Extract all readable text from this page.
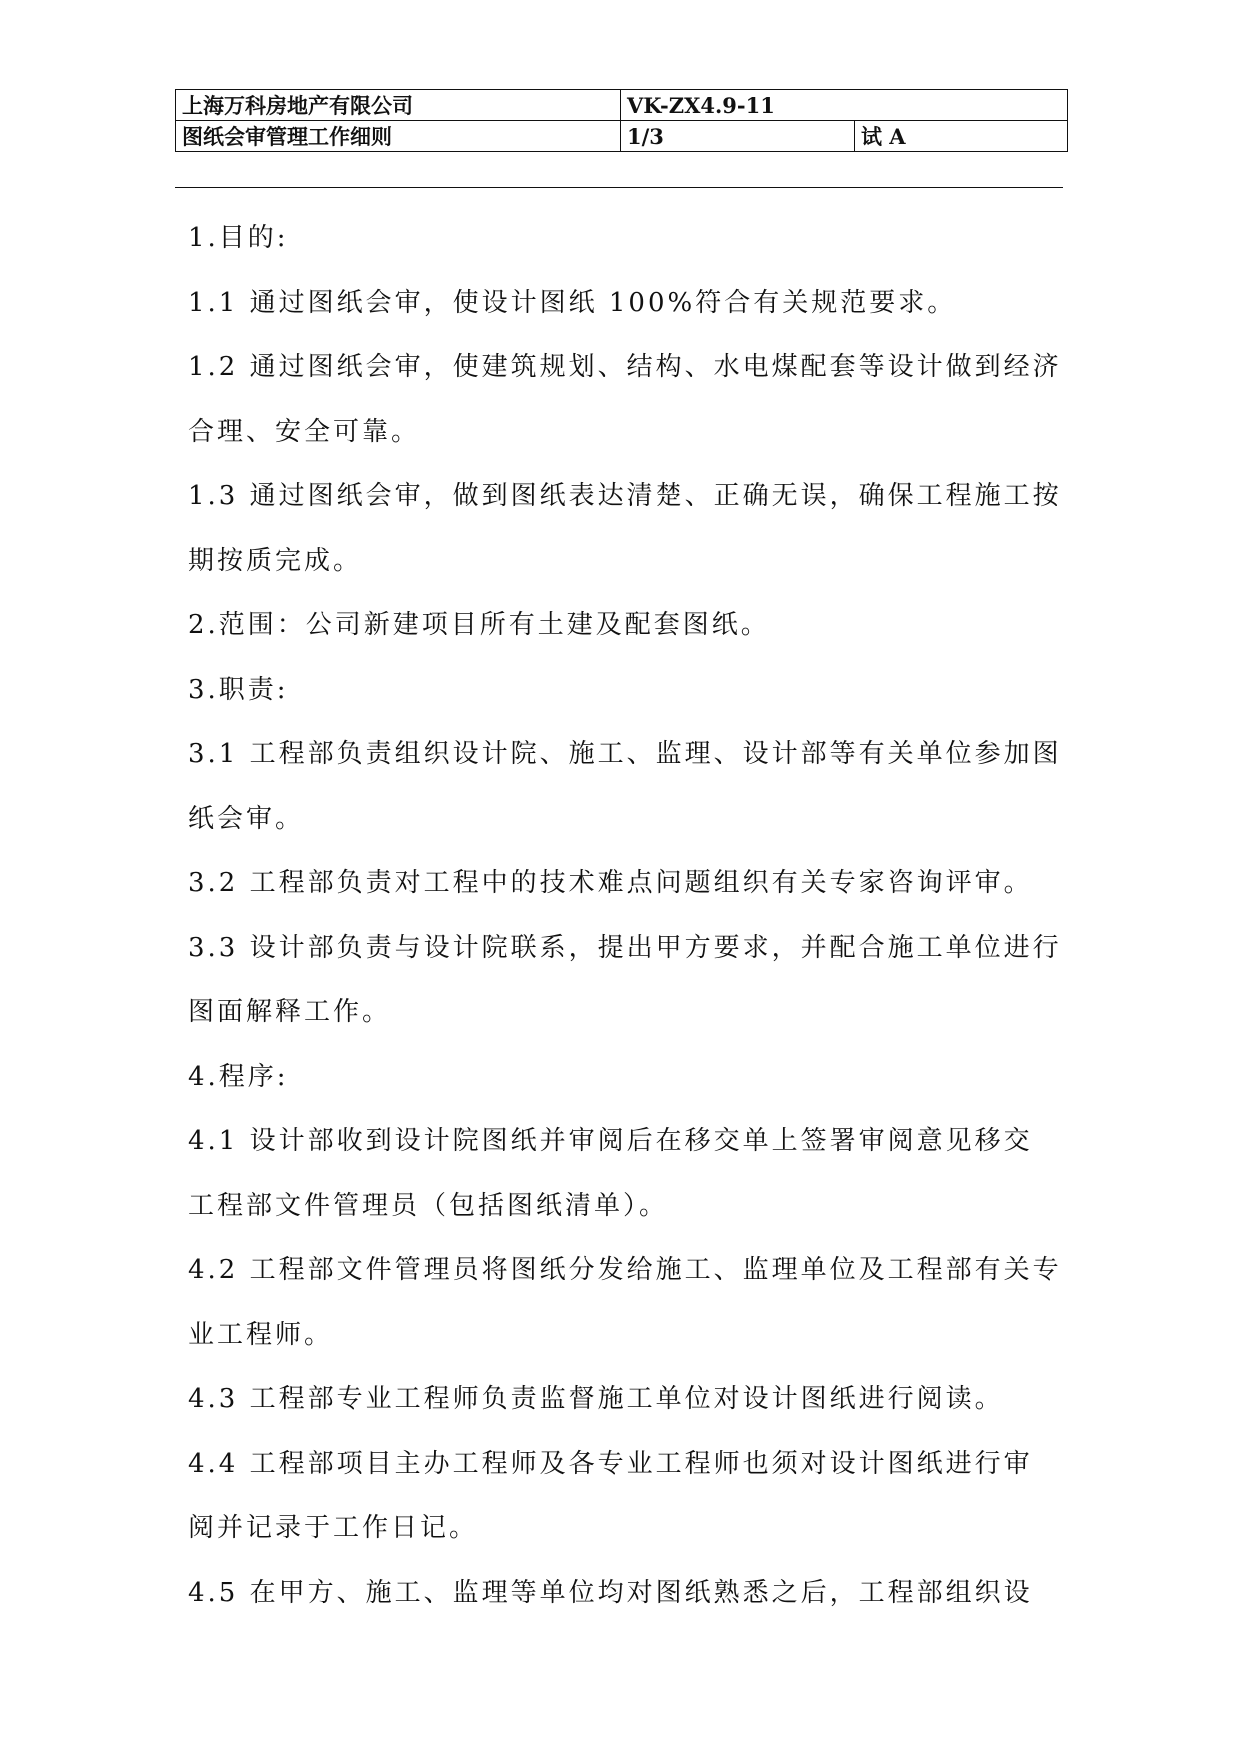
上海万科房地产有限公司	VK-ZX4.9-11	
图纸会审管理工作细则	1/3	试 A
1.目的:
1.1 通过图纸会审，使设计图纸 100%符合有关规范要求。
1.2 通过图纸会审，使建筑规划、结构、水电煤配套等设计做到经济
合理、安全可靠。
1.3 通过图纸会审，做到图纸表达清楚、正确无误，确保工程施工按
期按质完成。
2.范围：公司新建项目所有土建及配套图纸。
3.职责:
3.1 工程部负责组织设计院、施工、监理、设计部等有关单位参加图
纸会审。
3.2 工程部负责对工程中的技术难点问题组织有关专家咨询评审。
3.3 设计部负责与设计院联系，提出甲方要求，并配合施工单位进行
图面解释工作。
4.程序:
4.1 设计部收到设计院图纸并审阅后在移交单上签署审阅意见移交
工程部文件管理员（包括图纸清单）。
4.2 工程部文件管理员将图纸分发给施工、监理单位及工程部有关专
业工程师。
4.3 工程部专业工程师负责监督施工单位对设计图纸进行阅读。
4.4 工程部项目主办工程师及各专业工程师也须对设计图纸进行审
阅并记录于工作日记。
4.5 在甲方、施工、监理等单位均对图纸熟悉之后，工程部组织设
